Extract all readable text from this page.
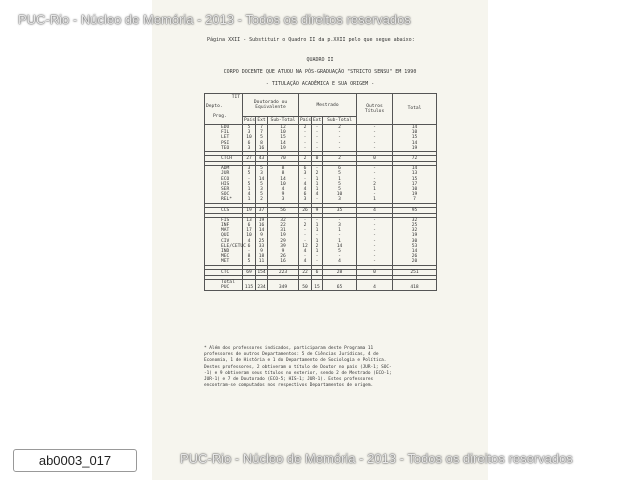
Página XXII - Substituir o Quadro II da p.XXII pelo que segue abaixo:
QUADRO II
CORPO DOCENTE QUE ATUOU NA PÓS-GRADUAÇÃO "STRICTO SENSU" EM 1990
- TITULAÇÃO ACADÊMICA E SUA ORIGEM -
TIT
Depto.
Prog.	Doutorado ou Equivalente			Mestrado			Outros Títulos	Total
	País	Ext	Sub-Total	País	Ext	Sub-Total		
EDU	5	7	12	2	-	2	-	14
FIL	3	7	10	-	-	-	-	10
LET	10	5	15	-	-	-	-	15
PSI	6	8	14	-	-	-	-	14
TEO	3	16	19	-	-	-	-	19

CTCH	27	43	70	2	0	2	0	72

ADM	3	5	8	6	-	6	-	14
JUR	5	3	8	3	2	5	-	13
ECO	-	14	14	-	1	1	-	15
HIS	5	5	10	4	1	5	2	17
SER	1	3	4	4	1	5	1	10
SOC	4	5	9	6	4	10	-	19
REL*	1	2	3	3	-	3	1	7

CCS	19	37	56	26	9	35	4	95

FIS	13	19	32	-	-	-	-	32
INF	6	16	22	2	1	3	-	25
MAT	17	14	31	-	1	1	-	32
QUI	10	9	19	-	-	-	-	19
CIV	4	25	29	-	1	1	-	30
ELE/CETUC	6	33	39	12	2	14	-	53
IND	-	9	9	4	1	5	-	14
MEC	8	18	26	-	-	-	-	26
MET	5	11	16	4	-	4	-	20

CTC	69	154	223	22	6	28	0	251

Total								
PUC	115	234	349	50	15	65	4	418
* Além dos professores indicados, participaram deste Programa 11
professores de outros Departamentos: 5 de Ciências Jurídicas, 4 de
Economia, 1 de História e 1 do Departamento de Sociologia e Política.
Destes professores, 2 obtiveram o título de Doutor no país (JUR-1; SOC-
-1) e 9 obtiveram seus títulos no exterior, sendo 2 de Mestrado (ECO-1;
JUR-1) e 7 de Doutorado (ECO-5; HIS-1; JUR-1). Estes professores
encontram-se computados nos respectivos Departamentos de origem.
PUC-Rio - Núcleo de Memória - 2013 - Todos os direitos reservados
PUC-Rio - Núcleo de Memória - 2013 - Todos os direitos reservados
ab0003_017
